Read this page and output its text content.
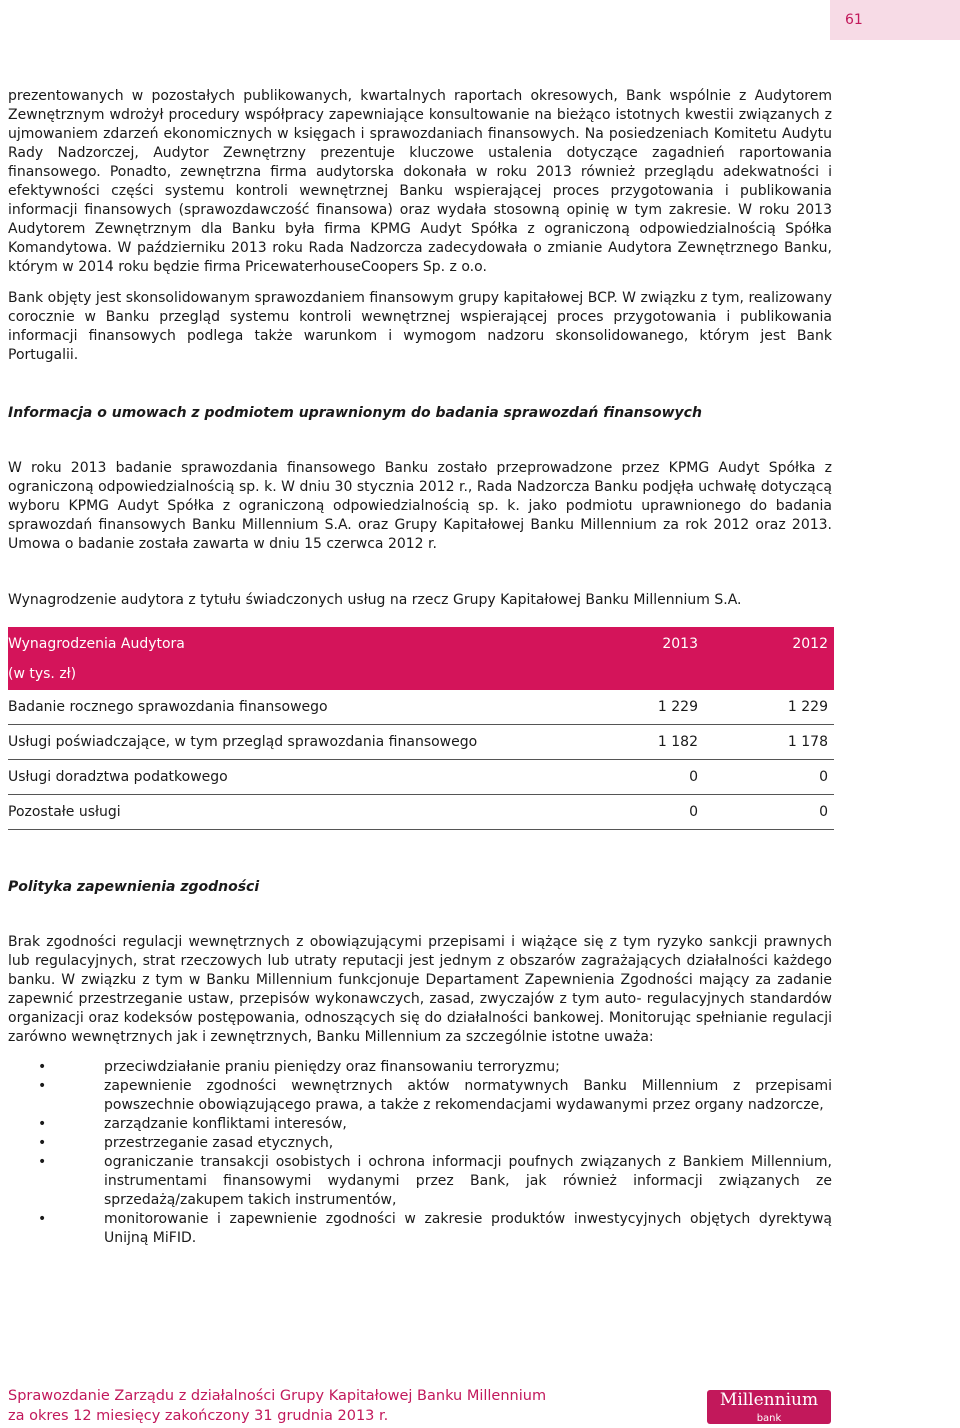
61

prezentowanych w pozostałych publikowanych, kwartalnych raportach okresowych, Bank wspólnie z Audytorem Zewnętrznym wdrożył procedury współpracy zapewniające konsultowanie na bieżąco istotnych kwestii związanych z ujmowaniem zdarzeń ekonomicznych w księgach i sprawozdaniach finansowych. Na posiedzeniach Komitetu Audytu Rady Nadzorczej, Audytor Zewnętrzny prezentuje kluczowe ustalenia dotyczące zagadnień raportowania finansowego. Ponadto, zewnętrzna firma audytorska dokonała w roku 2013 również przeglądu adekwatności i efektywności części systemu kontroli wewnętrznej Banku wspierającej proces przygotowania i publikowania informacji finansowych (sprawozdawczość finansowa) oraz wydała stosowną opinię w tym zakresie. W roku 2013 Audytorem Zewnętrznym dla Banku była firma KPMG Audyt Spółka z ograniczoną odpowiedzialnością Spółka Komandytowa. W październiku 2013 roku Rada Nadzorcza zadecydowała o zmianie Audytora Zewnętrznego Banku, którym w 2014 roku będzie firma PricewaterhouseCoopers Sp. z o.o.

Bank objęty jest skonsolidowanym sprawozdaniem finansowym grupy kapitałowej BCP. W związku z tym, realizowany corocznie w Banku przegląd systemu kontroli wewnętrznej wspierającej proces przygotowania i publikowania informacji finansowych podlega także warunkom i wymogom nadzoru skonsolidowanego, którym jest Bank Portugalii.

Informacja o umowach z podmiotem uprawnionym do badania sprawozdań finansowych

W roku 2013 badanie sprawozdania finansowego Banku zostało przeprowadzone przez KPMG Audyt Spółka z ograniczoną odpowiedzialnością sp. k. W dniu 30 stycznia 2012 r., Rada Nadzorcza Banku podjęła uchwałę dotyczącą wyboru KPMG Audyt Spółka z ograniczoną odpowiedzialnością sp. k. jako podmiotu uprawnionego do badania sprawozdań finansowych Banku Millennium S.A. oraz Grupy Kapitałowej Banku Millennium za rok 2012 oraz 2013. Umowa o badanie została zawarta w dniu 15 czerwca 2012 r.

Wynagrodzenie audytora z tytułu świadczonych usług na rzecz Grupy Kapitałowej Banku Millennium S.A.

Wynagrodzenia Audytora
(w tys. zł)	2013	2012
Badanie rocznego sprawozdania finansowego	1 229	1 229
Usługi poświadczające, w tym przegląd sprawozdania finansowego	1 182	1 178
Usługi doradztwa podatkowego	0	0
Pozostałe usługi	0	0

Polityka zapewnienia zgodności

Brak zgodności regulacji wewnętrznych z obowiązującymi przepisami i wiążące się z tym ryzyko sankcji prawnych lub regulacyjnych, strat rzeczowych lub utraty reputacji jest jednym z obszarów zagrażających działalności każdego banku. W związku z tym w Banku Millennium funkcjonuje Departament Zapewnienia Zgodności mający za zadanie zapewnić przestrzeganie ustaw, przepisów wykonawczych, zasad, zwyczajów z tym auto- regulacyjnych standardów organizacji oraz kodeksów postępowania, odnoszących się do działalności bankowej. Monitorując spełnianie regulacji zarówno wewnętrznych jak i zewnętrznych, Banku Millennium za szczególnie istotne uważa:

•	przeciwdziałanie praniu pieniędzy oraz finansowaniu terroryzmu;
•	zapewnienie zgodności wewnętrznych aktów normatywnych Banku Millennium z przepisami powszechnie obowiązującego prawa, a także z rekomendacjami wydawanymi przez organy nadzorcze,
•	zarządzanie konfliktami interesów,
•	przestrzeganie zasad etycznych,
•	ograniczanie transakcji osobistych i ochrona informacji poufnych związanych z Bankiem Millennium, instrumentami finansowymi wydanymi przez Bank, jak również informacji związanych ze sprzedażą/zakupem takich instrumentów,
•	monitorowanie i zapewnienie zgodności w zakresie produktów inwestycyjnych objętych dyrektywą Unijną MiFID.
Sprawozdanie Zarządu z działalności Grupy Kapitałowej Banku Millennium
za okres 12 miesięcy zakończony 31 grudnia 2013 r.
Millennium
bank
